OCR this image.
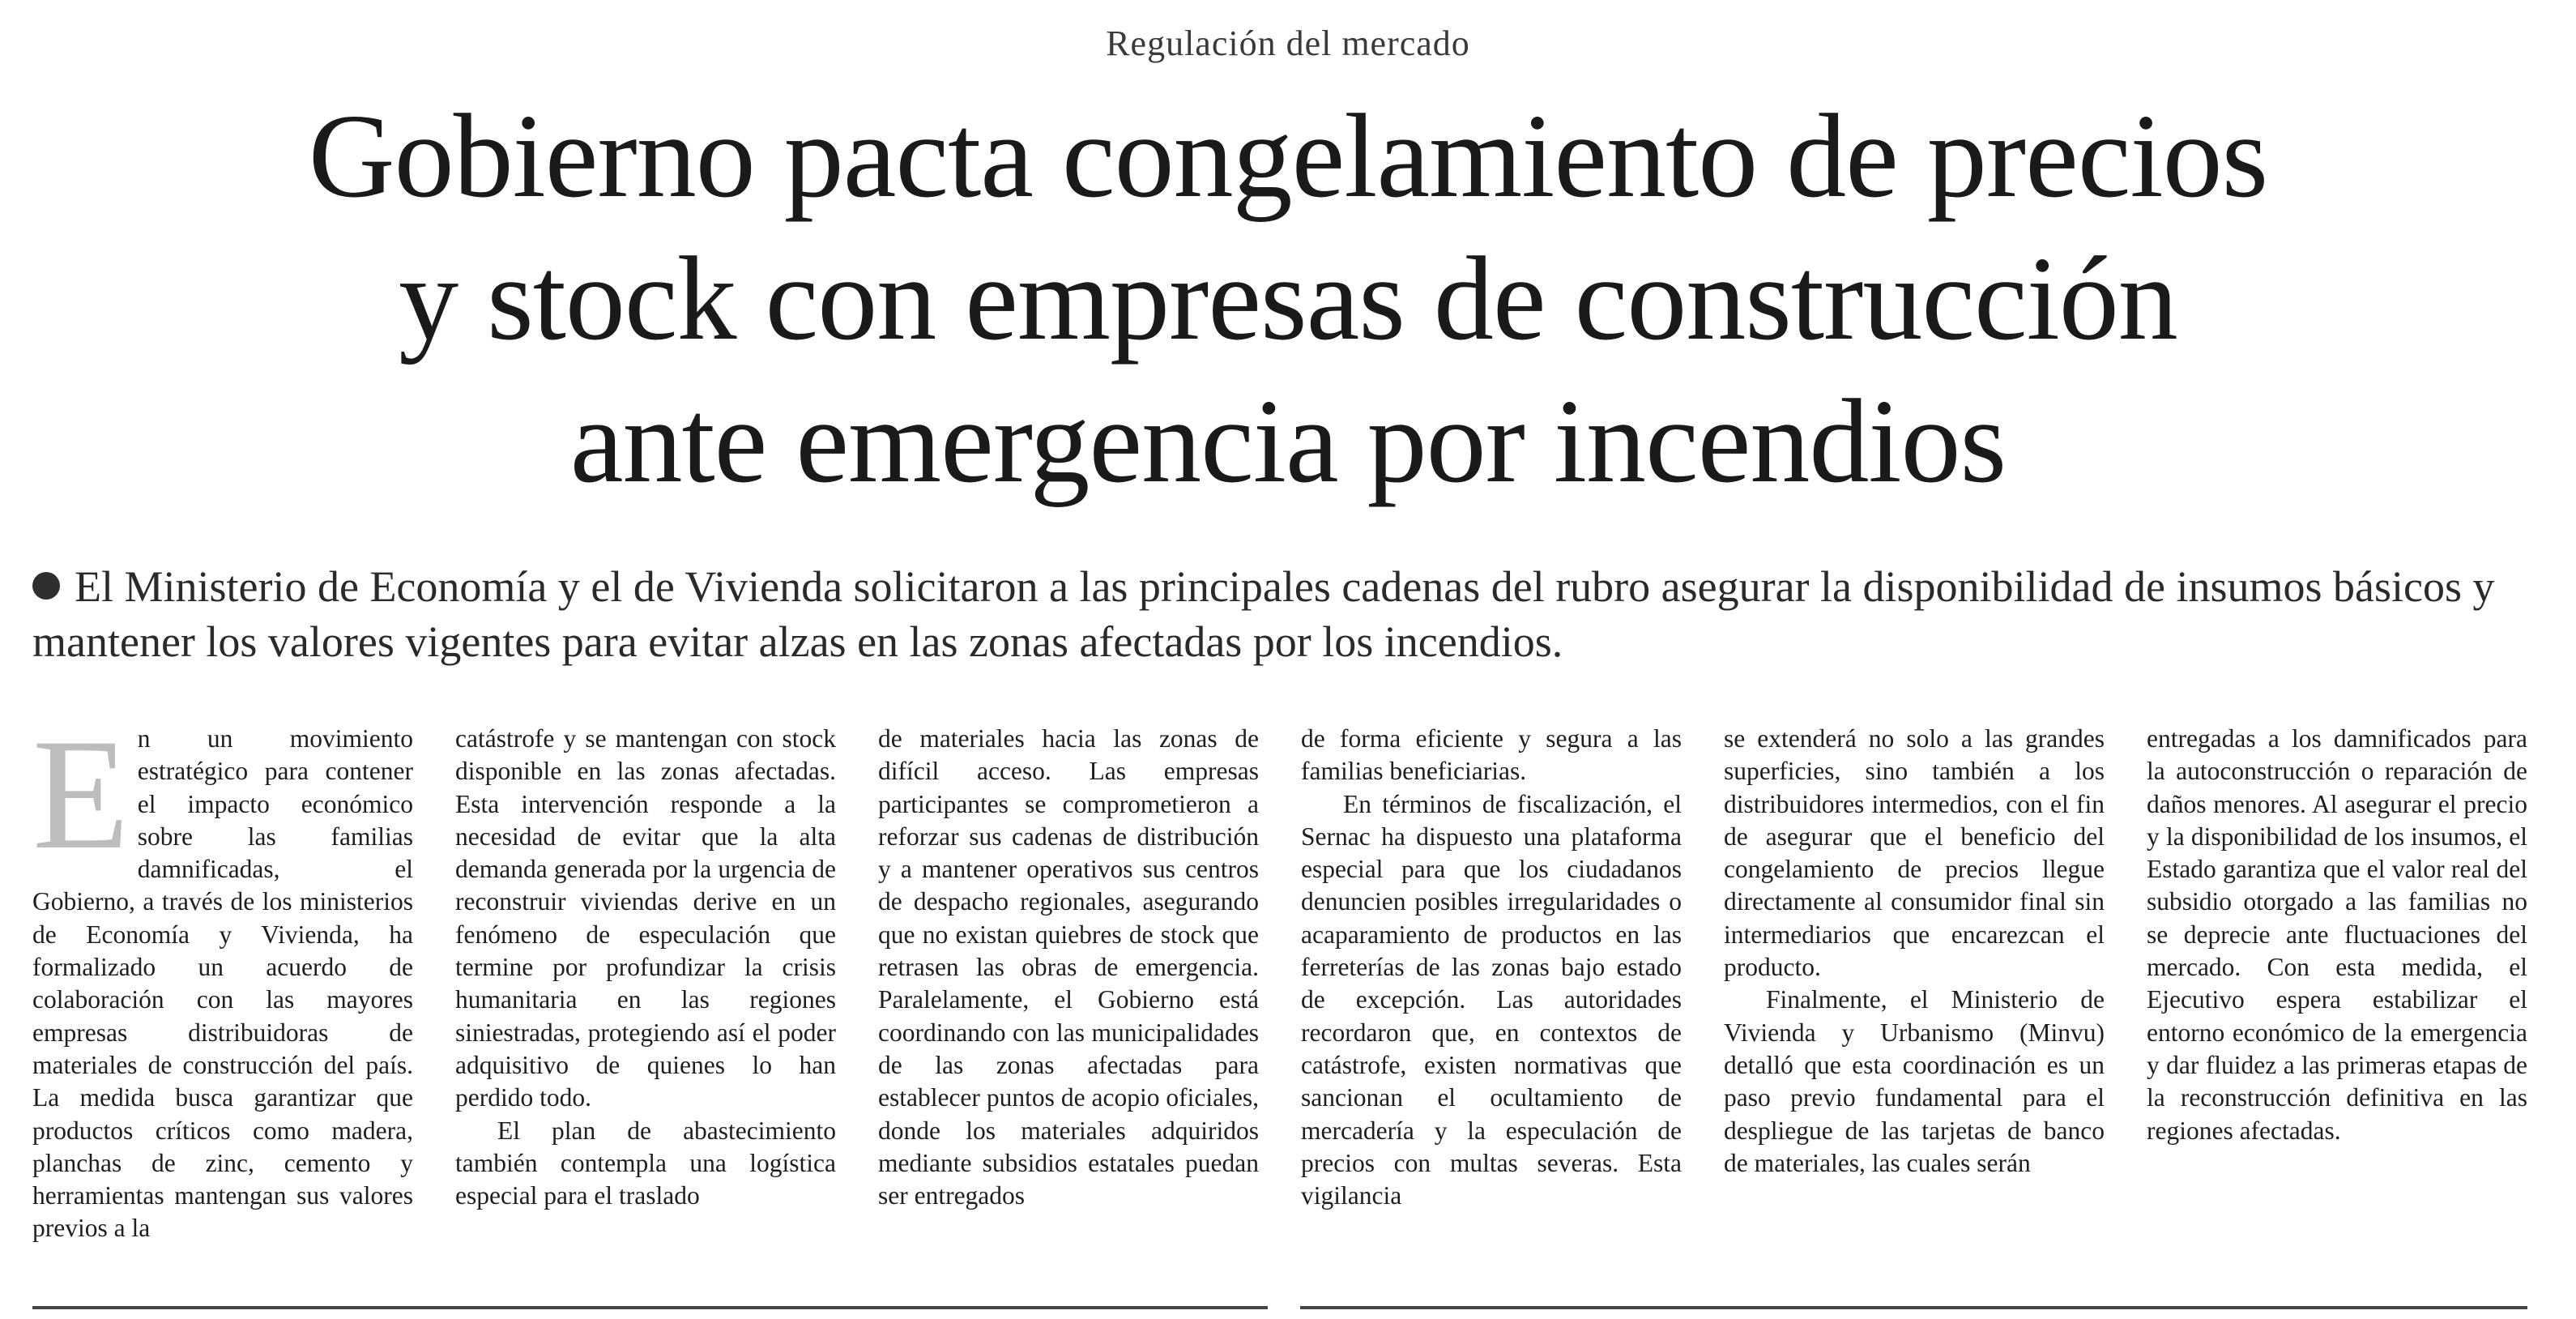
Regulación del mercado
Gobierno pacta congelamiento de precios
y stock con empresas de construcción
ante emergencia por incendios
El Ministerio de Economía y el de Vivienda solicitaron a las principales cadenas del rubro asegurar la disponibilidad de insumos básicos y mantener los valores vigentes para evitar alzas en las zonas afectadas por los incendios.
E n un movimiento estratégico para contener el impacto económico sobre las familias damnificadas, el Gobierno, a través de los ministerios de Economía y Vivienda, ha formalizado un acuerdo de colaboración con las mayores empresas distribuidoras de materiales de construcción del país. La medida busca garantizar que productos críticos como madera, planchas de zinc, cemento y herramientas mantengan sus valores previos a la

catástrofe y se mantengan con stock disponible en las zonas afectadas. Esta intervención responde a la necesidad de evitar que la alta demanda generada por la urgencia de reconstruir viviendas derive en un fenómeno de especulación que termine por profundizar la crisis humanitaria en las regiones siniestradas, protegiendo así el poder adquisitivo de quienes lo han perdido todo.

El plan de abastecimiento también contempla una logística especial para el traslado

de materiales hacia las zonas de difícil acceso. Las empresas participantes se comprometieron a reforzar sus cadenas de distribución y a mantener operativos sus centros de despacho regionales, asegurando que no existan quiebres de stock que retrasen las obras de emergencia. Paralelamente, el Gobierno está coordinando con las municipalidades de las zonas afectadas para establecer puntos de acopio oficiales, donde los materiales adquiridos mediante subsidios estatales puedan ser entregados

de forma eficiente y segura a las familias beneficiarias.

En términos de fiscalización, el Sernac ha dispuesto una plataforma especial para que los ciudadanos denuncien posibles irregularidades o acaparamiento de productos en las ferreterías de las zonas bajo estado de excepción. Las autoridades recordaron que, en contextos de catástrofe, existen normativas que sancionan el ocultamiento de mercadería y la especulación de precios con multas severas. Esta vigilancia

se extenderá no solo a las grandes superficies, sino también a los distribuidores intermedios, con el fin de asegurar que el beneficio del congelamiento de precios llegue directamente al consumidor final sin intermediarios que encarezcan el producto.

Finalmente, el Ministerio de Vivienda y Urbanismo (Minvu) detalló que esta coordinación es un paso previo fundamental para el despliegue de las tarjetas de banco de materiales, las cuales serán

entregadas a los damnificados para la autoconstrucción o reparación de daños menores. Al asegurar el precio y la disponibilidad de los insumos, el Estado garantiza que el valor real del subsidio otorgado a las familias no se deprecie ante fluctuaciones del mercado. Con esta medida, el Ejecutivo espera estabilizar el entorno económico de la emergencia y dar fluidez a las primeras etapas de la reconstrucción definitiva en las regiones afectadas.
